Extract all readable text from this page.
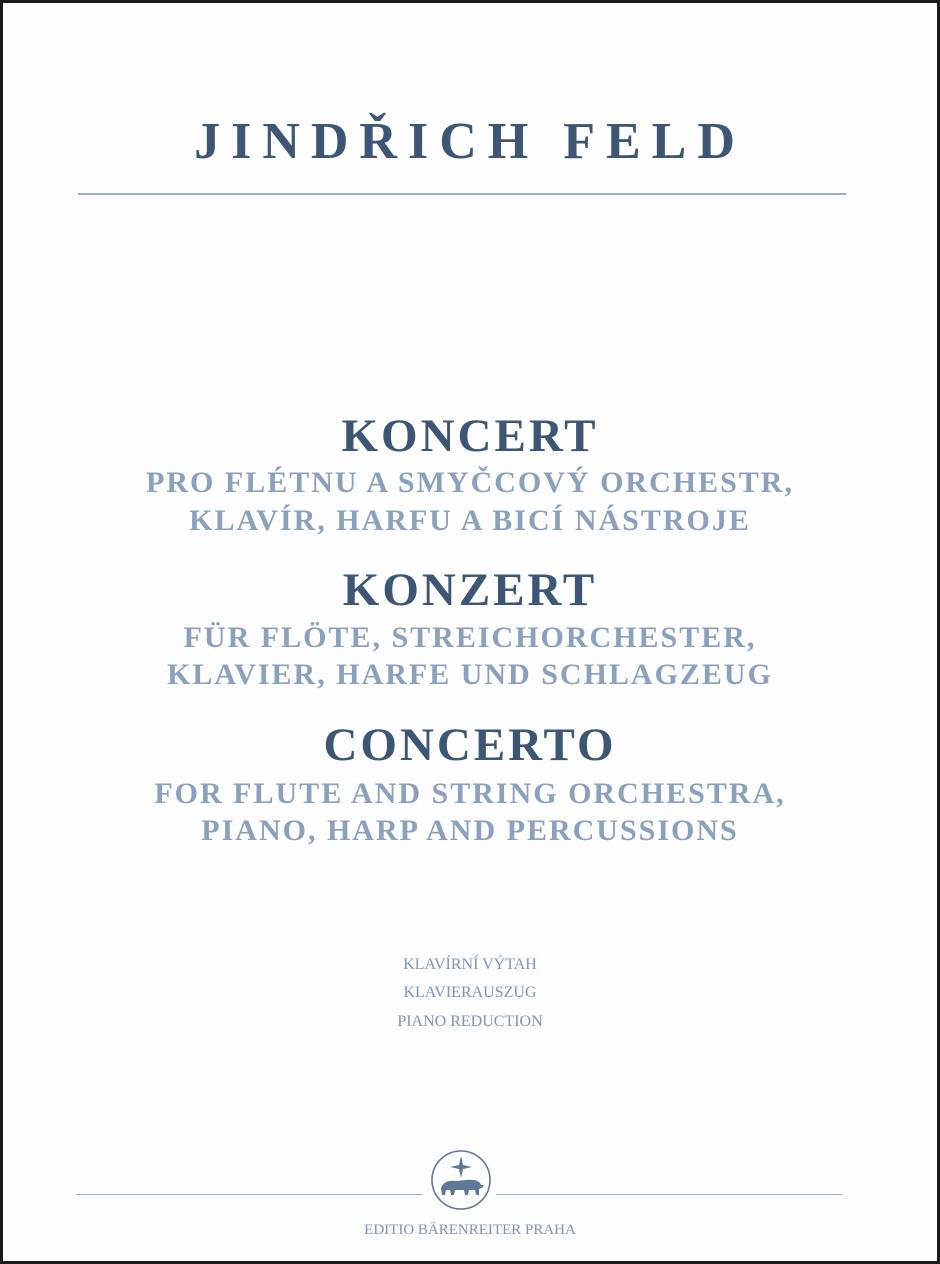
JINDŘICH FELD
KONCERT
PRO FLÉTNU A SMYČCOVÝ ORCHESTR,
KLAVÍR, HARFU A BICÍ NÁSTROJE
KONZERT
FÜR FLÖTE, STREICHORCHESTER,
KLAVIER, HARFE UND SCHLAGZEUG
CONCERTO
FOR FLUTE AND STRING ORCHESTRA,
PIANO, HARP AND PERCUSSIONS
KLAVÍRNÍ VÝTAH
KLAVIERAUSZUG
PIANO REDUCTION
EDITIO BÄRENREITER PRAHA
